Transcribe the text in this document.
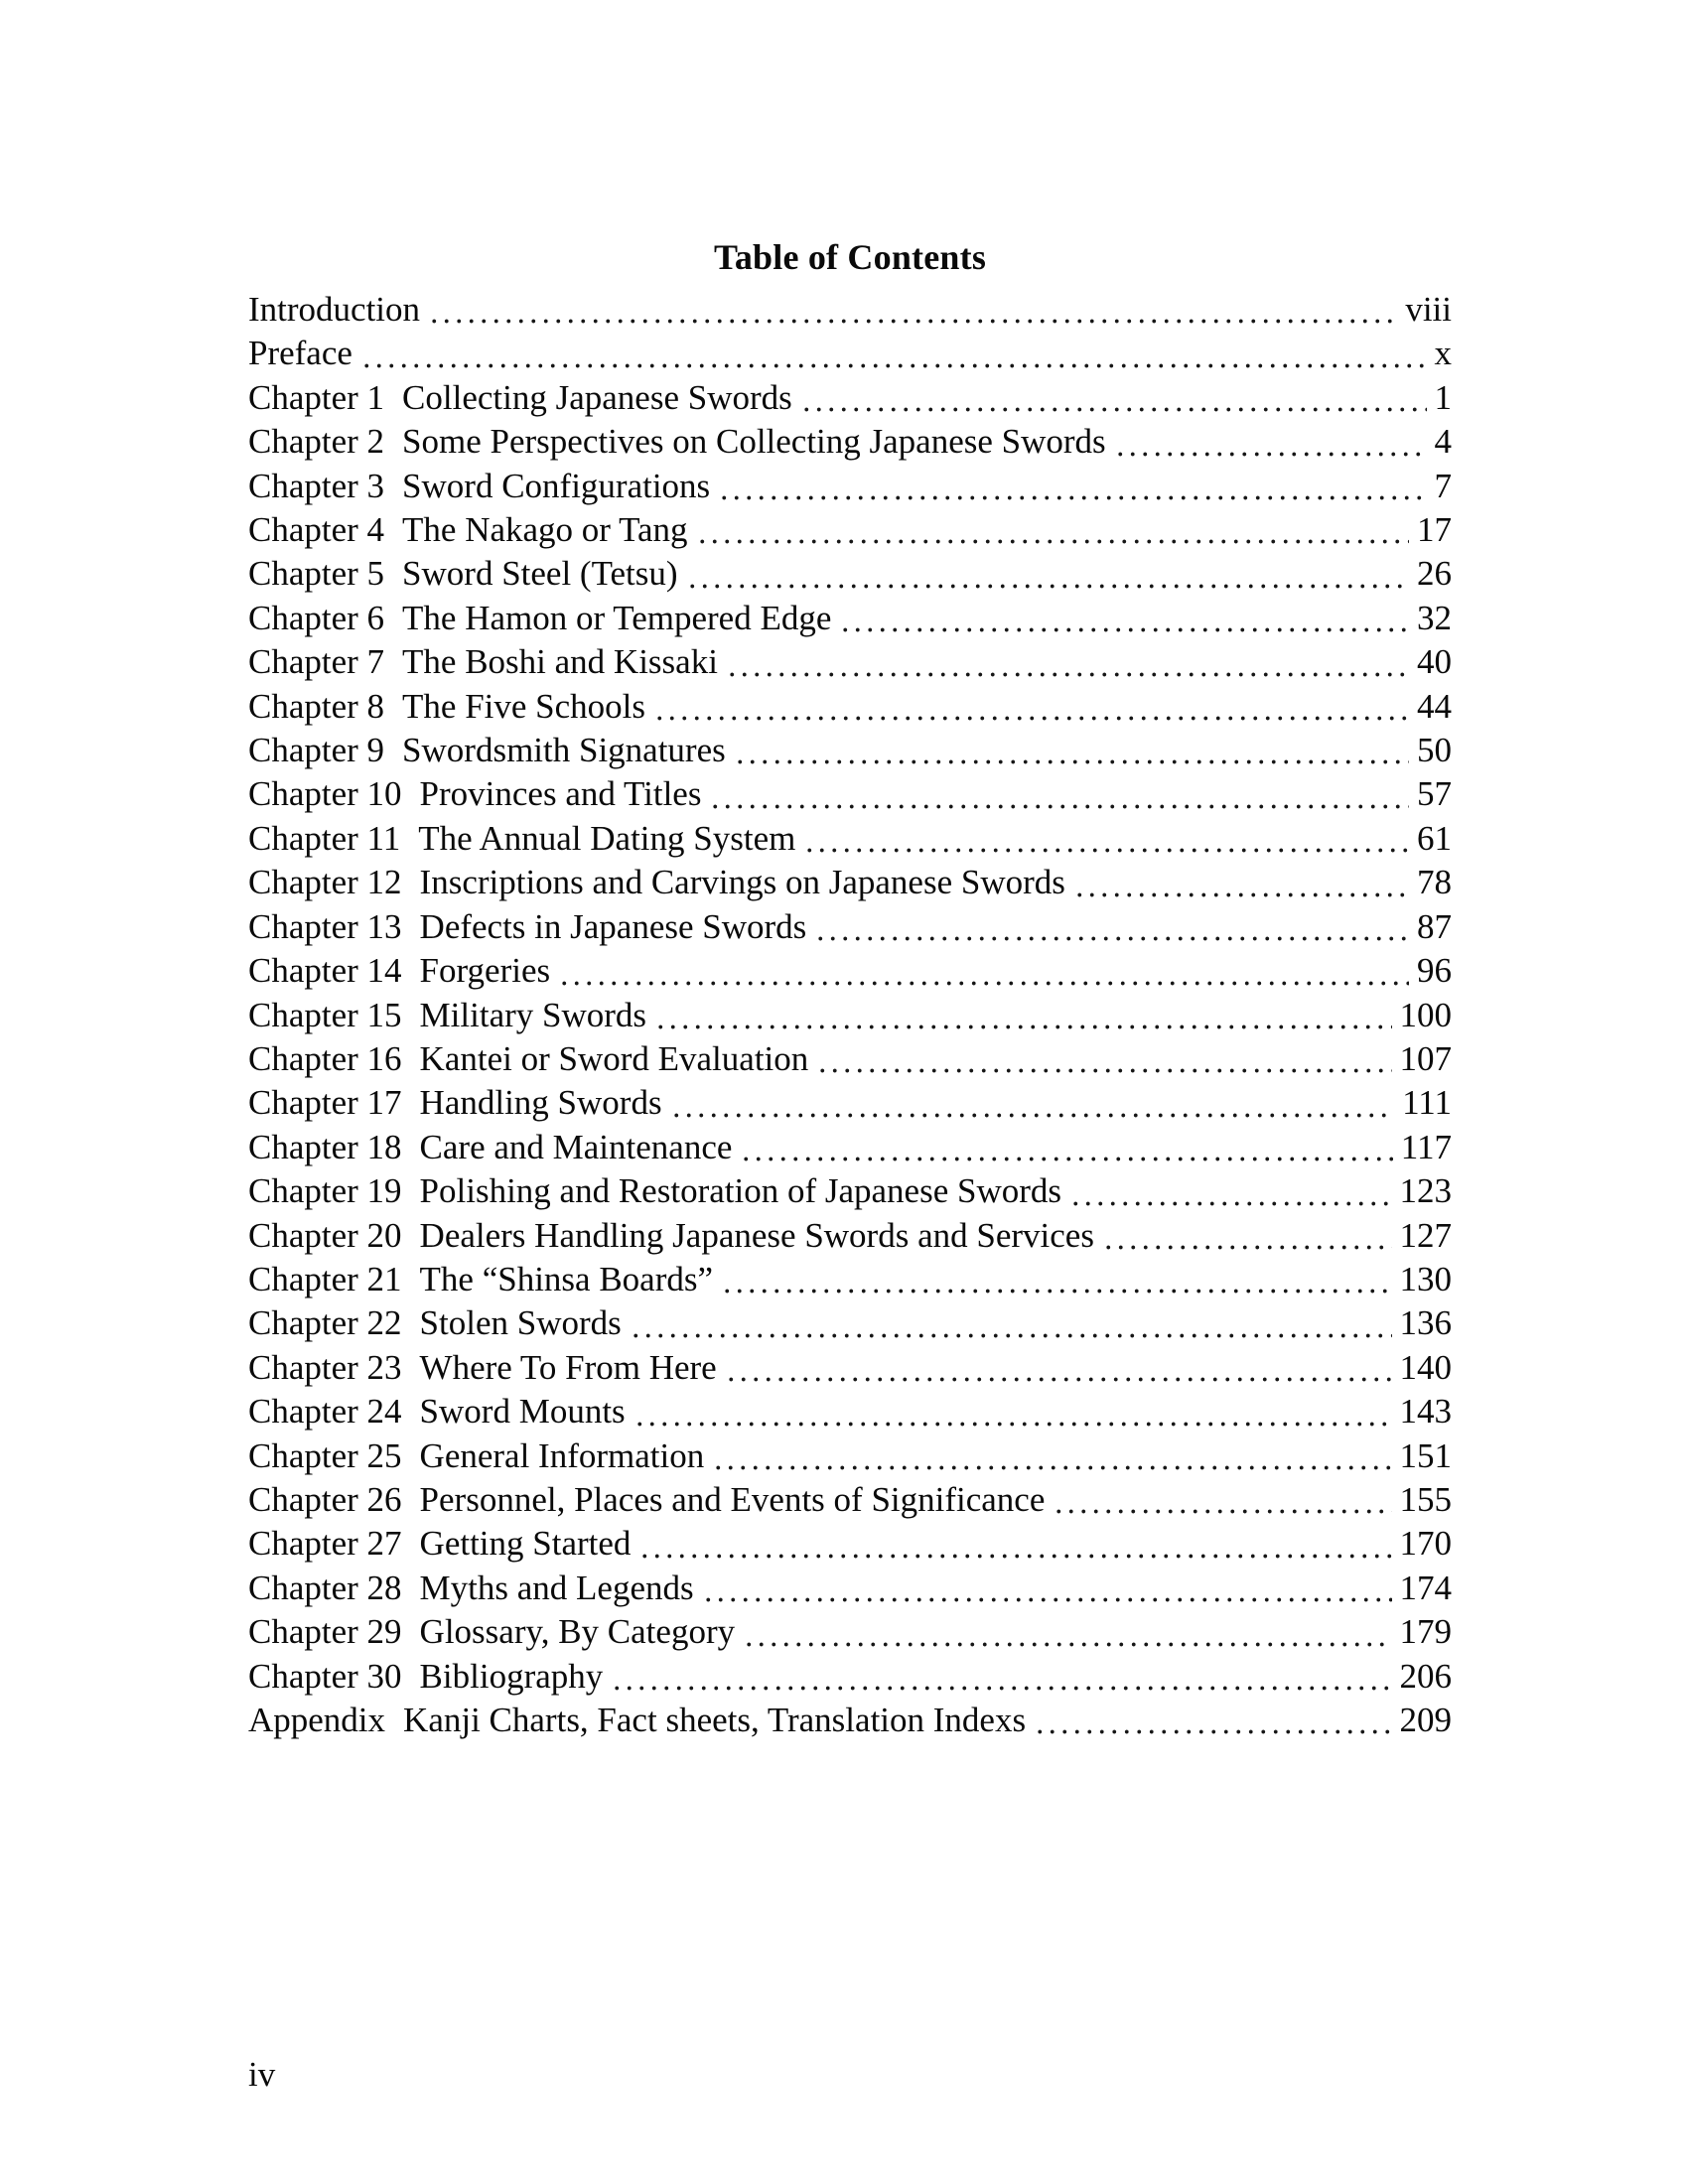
Table of Contents
Introduction	viii
Preface	x
Chapter 1 Collecting Japanese Swords	1
Chapter 2 Some Perspectives on Collecting Japanese Swords	4
Chapter 3 Sword Configurations	7
Chapter 4 The Nakago or Tang	17
Chapter 5 Sword Steel (Tetsu)	26
Chapter 6 The Hamon or Tempered Edge	32
Chapter 7 The Boshi and Kissaki	40
Chapter 8 The Five Schools	44
Chapter 9 Swordsmith Signatures	50
Chapter 10 Provinces and Titles	57
Chapter 11 The Annual Dating System	61
Chapter 12 Inscriptions and Carvings on Japanese Swords	78
Chapter 13 Defects in Japanese Swords	87
Chapter 14 Forgeries	96
Chapter 15 Military Swords	100
Chapter 16 Kantei or Sword Evaluation	107
Chapter 17 Handling Swords	111
Chapter 18 Care and Maintenance	117
Chapter 19 Polishing and Restoration of Japanese Swords	123
Chapter 20 Dealers Handling Japanese Swords and Services	127
Chapter 21 The “Shinsa Boards”	130
Chapter 22 Stolen Swords	136
Chapter 23 Where To From Here	140
Chapter 24 Sword Mounts	143
Chapter 25 General Information	151
Chapter 26 Personnel, Places and Events of Significance	155
Chapter 27 Getting Started	170
Chapter 28 Myths and Legends	174
Chapter 29 Glossary, By Category	179
Chapter 30 Bibliography	206
Appendix Kanji Charts, Fact sheets, Translation Indexs	209
iv
